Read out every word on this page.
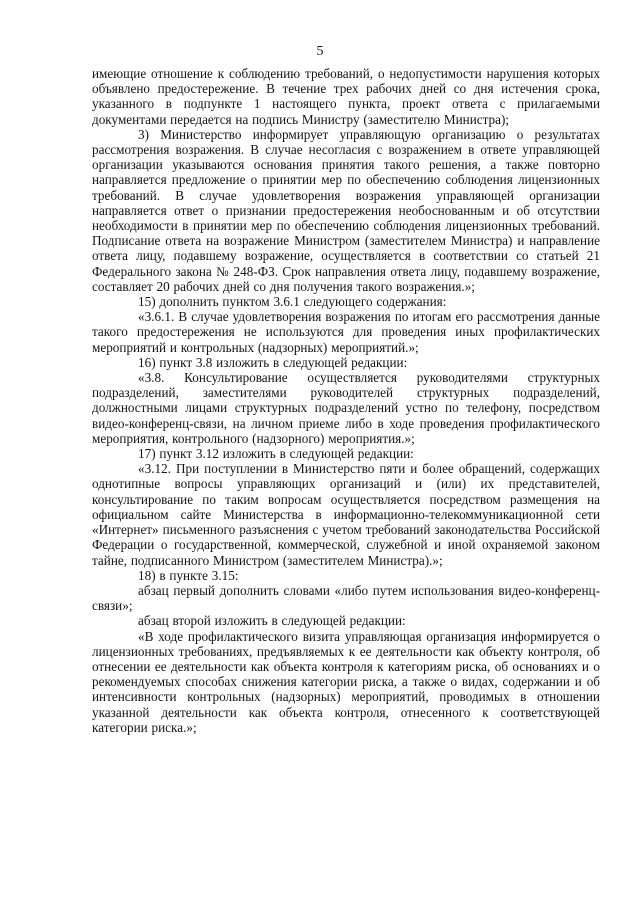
5

имеющие отношение к соблюдению требований, о недопустимости нарушения которых объявлено предостережение. В течение трех рабочих дней со дня истечения срока, указанного в подпункте 1 настоящего пункта, проект ответа с прилагаемыми документами передается на подпись Министру (заместителю Министра);

3) Министерство информирует управляющую организацию о результатах рассмотрения возражения. В случае несогласия с возражением в ответе управляющей организации указываются основания принятия такого решения, а также повторно направляется предложение о принятии мер по обеспечению соблюдения лицензионных требований. В случае удовлетворения возражения управляющей организации направляется ответ о признании предостережения необоснованным и об отсутствии необходимости в принятии мер по обеспечению соблюдения лицензионных требований. Подписание ответа на возражение Министром (заместителем Министра) и направление ответа лицу, подавшему возражение, осуществляется в соответствии со статьей 21 Федерального закона № 248-ФЗ. Срок направления ответа лицу, подавшему возражение, составляет 20 рабочих дней со дня получения такого возражения.»;

15) дополнить пунктом 3.6.1 следующего содержания:

«3.6.1. В случае удовлетворения возражения по итогам его рассмотрения данные такого предостережения не используются для проведения иных профилактических мероприятий и контрольных (надзорных) мероприятий.»;

16) пункт 3.8 изложить в следующей редакции:

«3.8. Консультирование осуществляется руководителями структурных подразделений, заместителями руководителей структурных подразделений, должностными лицами структурных подразделений устно по телефону, посредством видео-конференц-связи, на личном приеме либо в ходе проведения профилактического мероприятия, контрольного (надзорного) мероприятия.»;

17) пункт 3.12 изложить в следующей редакции:

«3.12. При поступлении в Министерство пяти и более обращений, содержащих однотипные вопросы управляющих организаций и (или) их представителей, консультирование по таким вопросам осуществляется посредством размещения на официальном сайте Министерства в информационно-телекоммуникационной сети «Интернет» письменного разъяснения с учетом требований законодательства Российской Федерации о государственной, коммерческой, служебной и иной охраняемой законом тайне, подписанного Министром (заместителем Министра).»;

18) в пункте 3.15:

абзац первый дополнить словами «либо путем использования видео-конференц-связи»;

абзац второй изложить в следующей редакции:

«В ходе профилактического визита управляющая организация информируется о лицензионных требованиях, предъявляемых к ее деятельности как объекту контроля, об отнесении ее деятельности как объекта контроля к категориям риска, об основаниях и о рекомендуемых способах снижения категории риска, а также о видах, содержании и об интенсивности контрольных (надзорных) мероприятий, проводимых в отношении указанной деятельности как объекта контроля, отнесенного к соответствующей категории риска.»;
